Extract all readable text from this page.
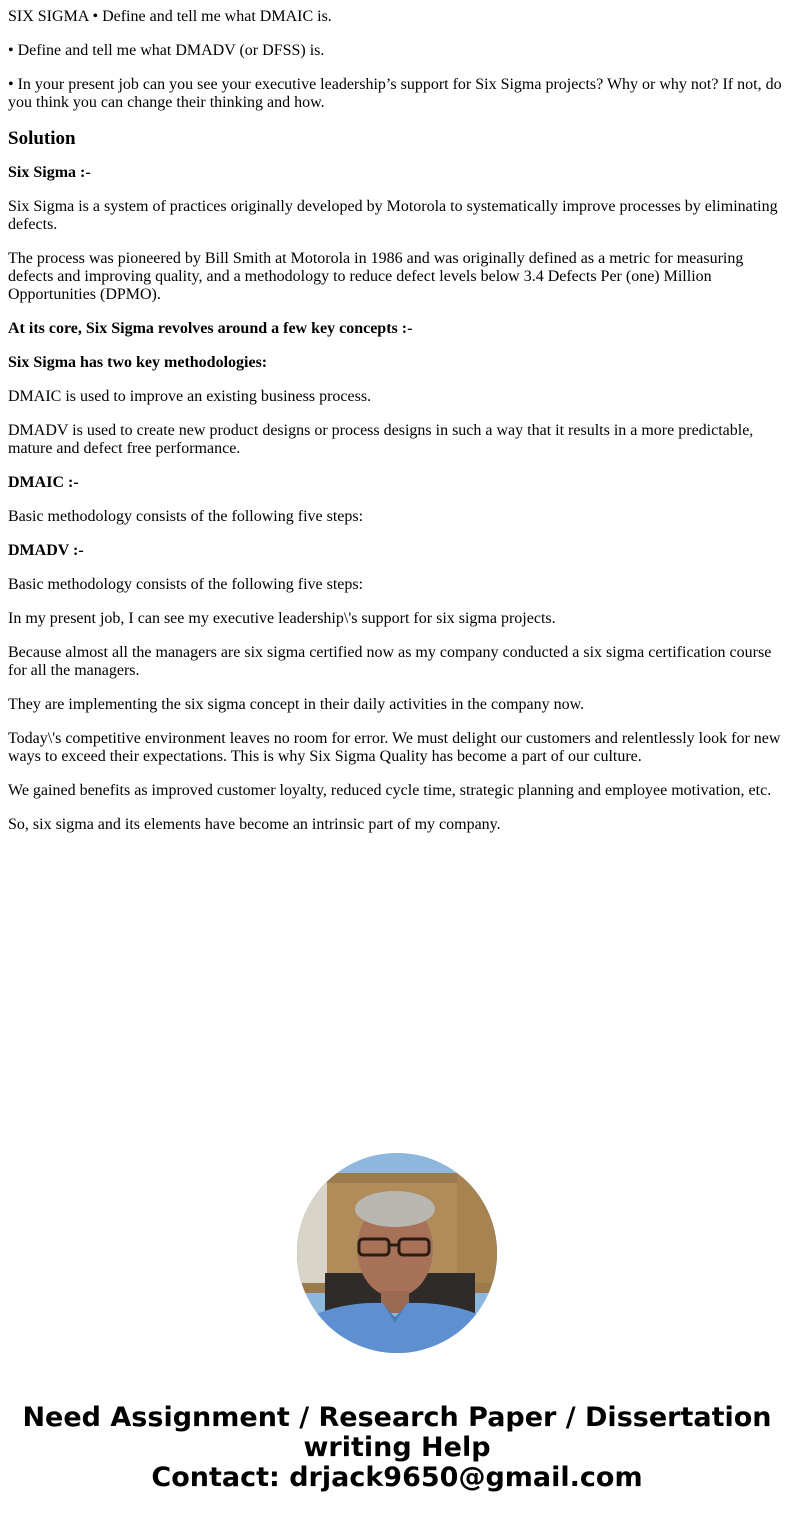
SIX SIGMA • Define and tell me what DMAIC is.

• Define and tell me what DMADV (or DFSS) is.

• In your present job can you see your executive leadership’s support for Six Sigma projects? Why or why not? If not, do you think you can change their thinking and how.

Solution

Six Sigma :-

Six Sigma is a system of practices originally developed by Motorola to systematically improve processes by eliminating defects.

The process was pioneered by Bill Smith at Motorola in 1986 and was originally defined as a metric for measuring defects and improving quality, and a methodology to reduce defect levels below 3.4 Defects Per (one) Million Opportunities (DPMO).

At its core, Six Sigma revolves around a few key concepts :-

Six Sigma has two key methodologies:

DMAIC is used to improve an existing business process.

DMADV is used to create new product designs or process designs in such a way that it results in a more predictable, mature and defect free performance.

DMAIC :-

Basic methodology consists of the following five steps:

DMADV :-

Basic methodology consists of the following five steps:

In my present job, I can see my executive leadership\'s support for six sigma projects.

Because almost all the managers are six sigma certified now as my company conducted a six sigma certification course for all the managers.

They are implementing the six sigma concept in their daily activities in the company now.

Today\'s competitive environment leaves no room for error. We must delight our customers and relentlessly look for new ways to exceed their expectations. This is why Six Sigma Quality has become a part of our culture.

We gained benefits as improved customer loyalty, reduced cycle time, strategic planning and employee motivation, etc.

So, six sigma and its elements have become an intrinsic part of my company.

Need Assignment / Research Paper / Dissertation
writing Help
Contact: drjack9650@gmail.com
